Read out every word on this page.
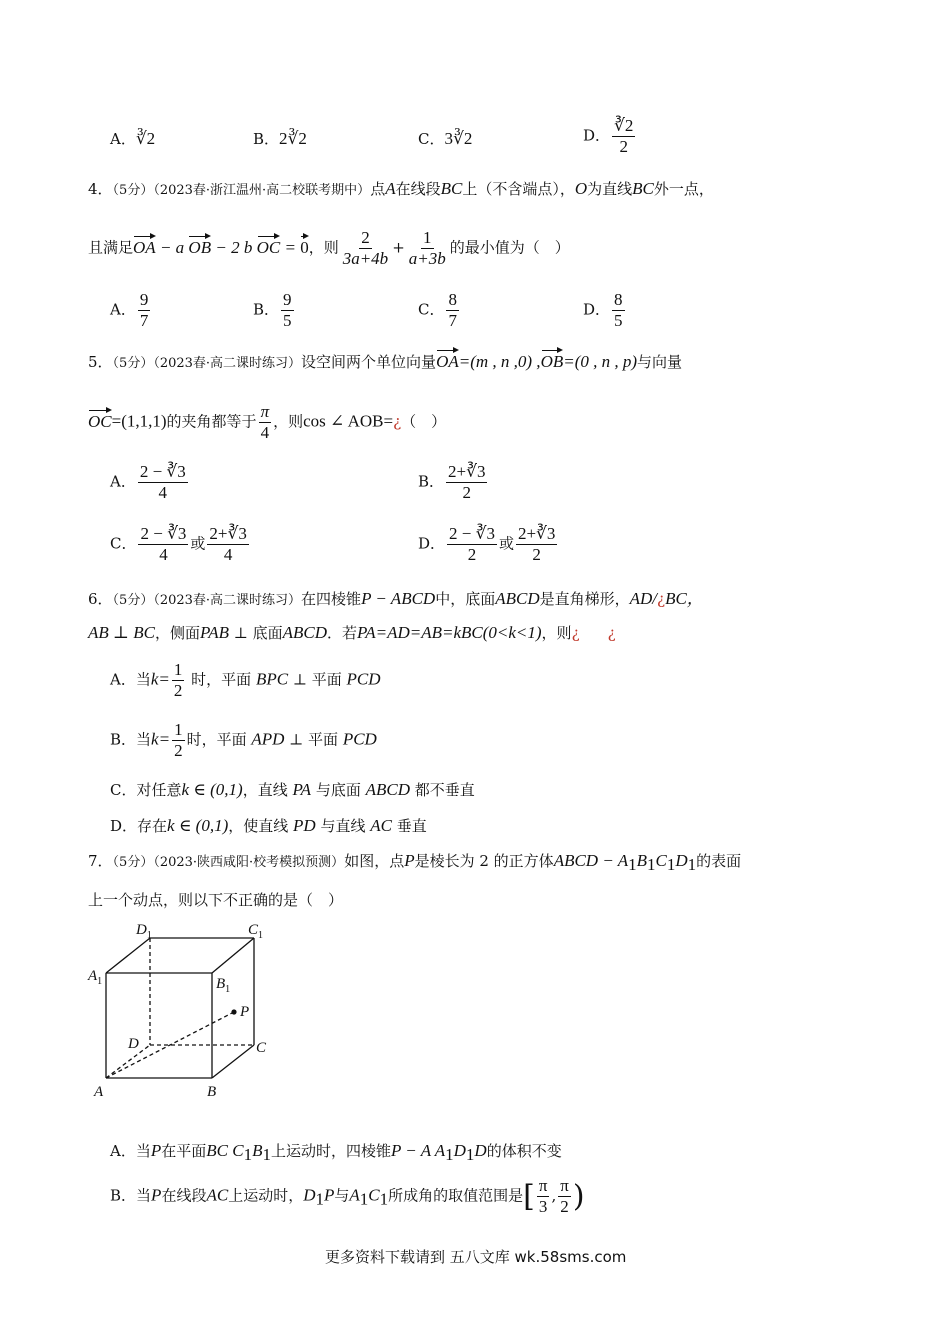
A．∛2	B．2∛2	C．3∛2	D． $\frac{∛2}{2}$
4．（5分）（2023春·浙江温州·高二校联考期中）点A在线段BC上（不含端点），O为直线BC外一点，
且满足OA − a OB − 2 b OC = 0，则 $\frac{2}{3a+4b} + \frac{1}{a+3b}$ 的最小值为（　）
A． $\frac{9}{7}$	B． $\frac{9}{5}$	C． $\frac{8}{7}$	D． $\frac{8}{5}$
5．（5分）（2023春·高二课时练习）设空间两个单位向量OA=(m , n ,0) ,OB=(0 , n , p)与向量
OC=(1,1,1)的夹角都等于 $\frac{\pi}{4}$ ，则cos ∠ AOB=¿（　）
A． $\frac{2 - ∛3}{4}$	B． $\frac{2+∛3}{2}$
C． $\frac{2 - ∛3}{4}$ 或 $\frac{2+∛3}{4}$	D． $\frac{2 - ∛3}{2}$ 或 $\frac{2+∛3}{2}$
6．（5分）（2023春·高二课时练习）在四棱锥P − ABCD中，底面ABCD是直角梯形，AD/¿BC，
AB ⊥ BC，侧面PAB ⊥ 底面ABCD．若PA=AD=AB=kBC(0<k<1)，则¿ ¿
A．当$k= \frac{1}{2}$ 时，平面 BPC ⊥ 平面 PCD
B．当$k= \frac{1}{2}$ 时，平面 APD ⊥ 平面 PCD
C．对任意k ∈ (0,1)，直线 PA 与底面 ABCD 都不垂直
D．存在k ∈ (0,1)，使直线 PD 与直线 AC 垂直
7．（5分）（2023·陕西咸阳·校考模拟预测）如图，点P是棱长为 2 的正方体ABCD − $A_1B_1C_1D_1$的表面
上一个动点，则以下不正确的是（　）
$D_1$	$C_1$
$A_1$	$B_1$
P
D	C
A	B
A．当P在平面BC $C_1B_1$上运动时，四棱锥P − A $A_1D_1D$的体积不变
B．当P在线段AC上运动时，$D_1P$与$A_1C_1$所成角的取值范围是[ $\frac{\pi}{3}$ , $\frac{\pi}{2}$ )
更多资料下载请到 五八文库 wk.58sms.com
